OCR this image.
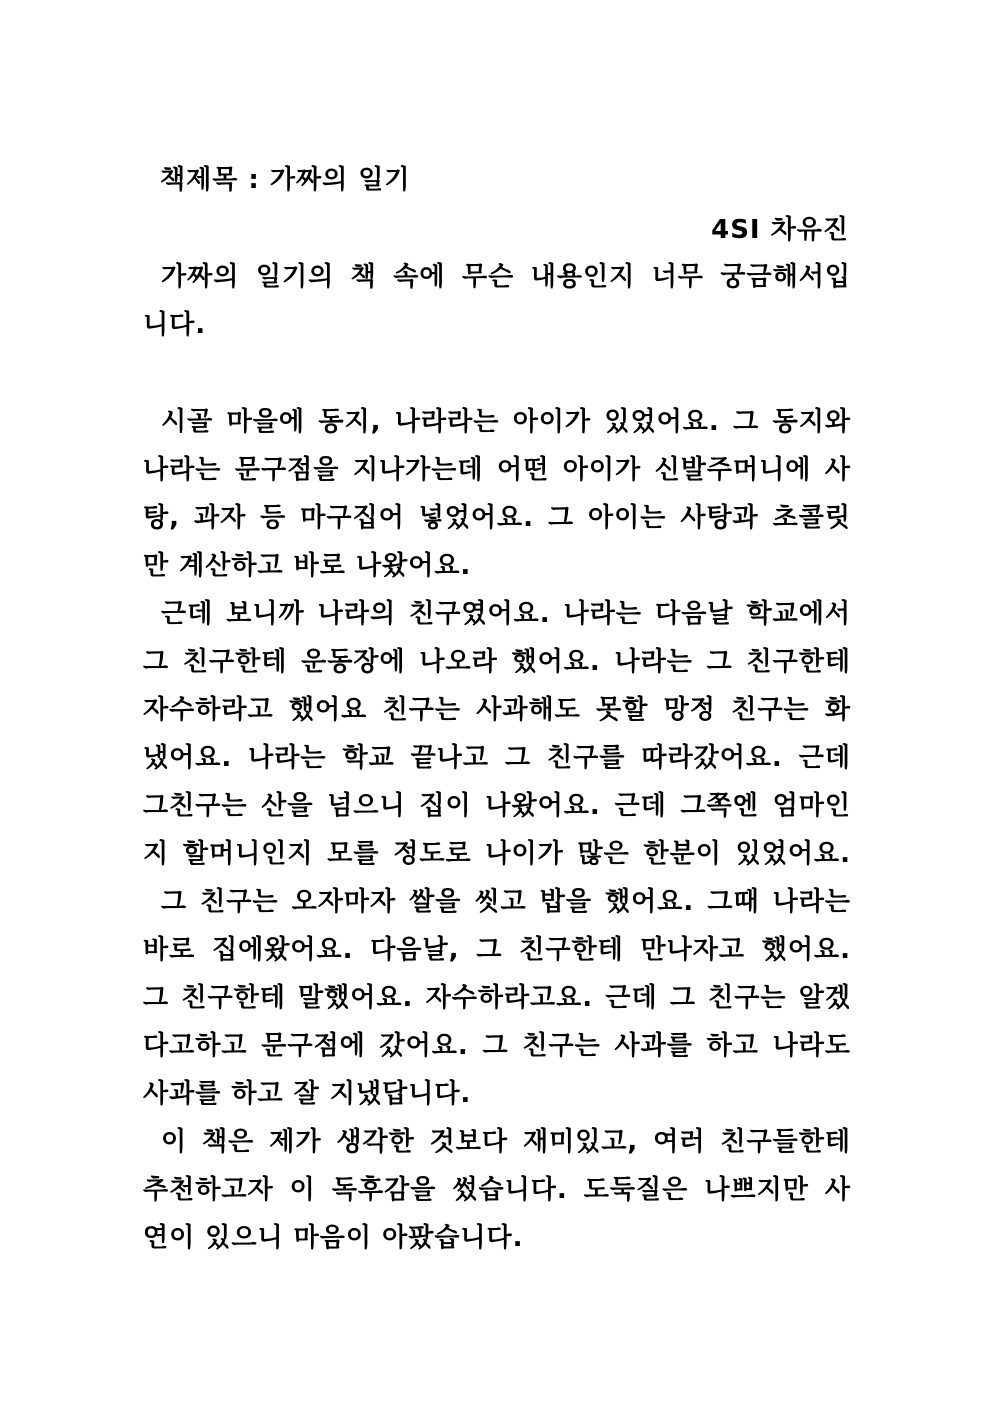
책제목 : 가짜의 일기
4SI 차유진
가짜의 일기의 책 속에 무슨 내용인지 너무 궁금해서입
니다.
시골 마을에 동지, 나라라는 아이가 있었어요. 그 동지와
나라는 문구점을 지나가는데 어떤 아이가 신발주머니에 사
탕, 과자 등 마구집어 넣었어요. 그 아이는 사탕과 초콜릿
만 계산하고 바로 나왔어요.
근데 보니까 나라의 친구였어요. 나라는 다음날 학교에서
그 친구한테 운동장에 나오라 했어요. 나라는 그 친구한테
자수하라고 했어요 친구는 사과해도 못할 망정 친구는 화
냈어요. 나라는 학교 끝나고 그 친구를 따라갔어요. 근데
그친구는 산을 넘으니 집이 나왔어요. 근데 그쪽엔 엄마인
지 할머니인지 모를 정도로 나이가 많은 한분이 있었어요.
그 친구는 오자마자 쌀을 씻고 밥을 했어요. 그때 나라는
바로 집에왔어요. 다음날, 그 친구한테 만나자고 했어요.
그 친구한테 말했어요. 자수하라고요. 근데 그 친구는 알겠
다고하고 문구점에 갔어요. 그 친구는 사과를 하고 나라도
사과를 하고 잘 지냈답니다.
이 책은 제가 생각한 것보다 재미있고, 여러 친구들한테
추천하고자 이 독후감을 썼습니다. 도둑질은 나쁘지만 사
연이 있으니 마음이 아팠습니다.
